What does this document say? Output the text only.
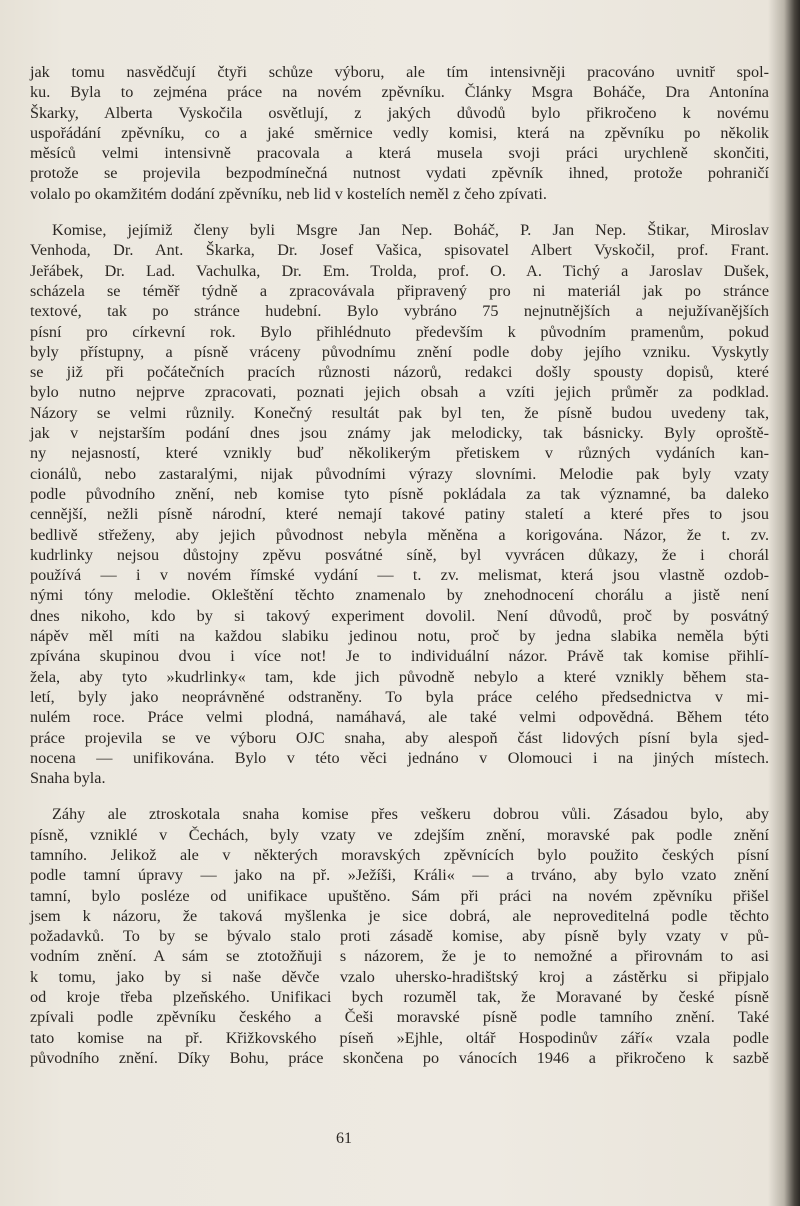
jak tomu nasvědčují čtyři schůze výboru, ale tím intensivněji pracováno uvnitř spol-
ku. Byla to zejména práce na novém zpěvníku. Články Msgra Boháče, Dra Antonína
Škarky, Alberta Vyskočila osvětlují, z jakých důvodů bylo přikročeno k novému
uspořádání zpěvníku, co a jaké směrnice vedly komisi, která na zpěvníku po několik
měsíců velmi intensivně pracovala a která musela svoji práci urychleně skončiti,
protože se projevila bezpodmínečná nutnost vydati zpěvník ihned, protože pohraničí
volalo po okamžitém dodání zpěvníku, neb lid v kostelích neměl z čeho zpívati.
Komise, jejímiž členy byli Msgre Jan Nep. Boháč, P. Jan Nep. Štikar, Miroslav
Venhoda, Dr. Ant. Škarka, Dr. Josef Vašica, spisovatel Albert Vyskočil, prof. Frant.
Jeřábek, Dr. Lad. Vachulka, Dr. Em. Trolda, prof. O. A. Tichý a Jaroslav Dušek,
scházela se téměř týdně a zpracovávala připravený pro ni materiál jak po stránce
textové, tak po stránce hudební. Bylo vybráno 75 nejnutnějších a nejužívanějších
písní pro církevní rok. Bylo přihlédnuto především k původním pramenům, pokud
byly přístupny, a písně vráceny původnímu znění podle doby jejího vzniku. Vyskytly
se již při počátečních pracích různosti názorů, redakci došly spousty dopisů, které
bylo nutno nejprve zpracovati, poznati jejich obsah a vzíti jejich průměr za podklad.
Názory se velmi různily. Konečný resultát pak byl ten, že písně budou uvedeny tak,
jak v nejstarším podání dnes jsou známy jak melodicky, tak básnicky. Byly oproště-
ny nejasností, které vznikly buď několikerým přetiskem v různých vydáních kan-
cionálů, nebo zastaralými, nijak původními výrazy slovními. Melodie pak byly vzaty
podle původního znění, neb komise tyto písně pokládala za tak významné, ba daleko
cennější, nežli písně národní, které nemají takové patiny staletí a které přes to jsou
bedlivě střeženy, aby jejich původnost nebyla měněna a korigována. Názor, že t. zv.
kudrlinky nejsou důstojny zpěvu posvátné síně, byl vyvrácen důkazy, že i chorál
používá — i v novém římské vydání — t. zv. melismat, která jsou vlastně ozdob-
nými tóny melodie. Okleštění těchto znamenalo by znehodnocení chorálu a jistě není
dnes nikoho, kdo by si takový experiment dovolil. Není důvodů, proč by posvátný
nápěv měl míti na každou slabiku jedinou notu, proč by jedna slabika neměla býti
zpívána skupinou dvou i více not! Je to individuální názor. Právě tak komise přihlí-
žela, aby tyto »kudrlinky« tam, kde jich původně nebylo a které vznikly během sta-
letí, byly jako neoprávněné odstraněny. To byla práce celého předsednictva v mi-
nulém roce. Práce velmi plodná, namáhavá, ale také velmi odpovědná. Během této
práce projevila se ve výboru OJC snaha, aby alespoň část lidových písní byla sjed-
nocena — unifikována. Bylo v této věci jednáno v Olomouci i na jiných místech.
Snaha byla.
Záhy ale ztroskotala snaha komise přes veškeru dobrou vůli. Zásadou bylo, aby
písně, vzniklé v Čechách, byly vzaty ve zdejším znění, moravské pak podle znění
tamního. Jelikož ale v některých moravských zpěvnících bylo použito českých písní
podle tamní úpravy — jako na př. »Ježíši, Králi« — a trváno, aby bylo vzato znění
tamní, bylo posléze od unifikace upuštěno. Sám při práci na novém zpěvníku přišel
jsem k názoru, že taková myšlenka je sice dobrá, ale neproveditelná podle těchto
požadavků. To by se bývalo stalo proti zásadě komise, aby písně byly vzaty v pů-
vodním znění. A sám se ztotožňuji s názorem, že je to nemožné a přirovnám to asi
k tomu, jako by si naše děvče vzalo uhersko-hradištský kroj a zástěrku si připjalo
od kroje třeba plzeňského. Unifikaci bych rozuměl tak, že Moravané by české písně
zpívali podle zpěvníku českého a Češi moravské písně podle tamního znění. Také
tato komise na př. Křižkovského píseň »Ejhle, oltář Hospodinův září« vzala podle
původního znění. Díky Bohu, práce skončena po vánocích 1946 a přikročeno k sazbě
61
